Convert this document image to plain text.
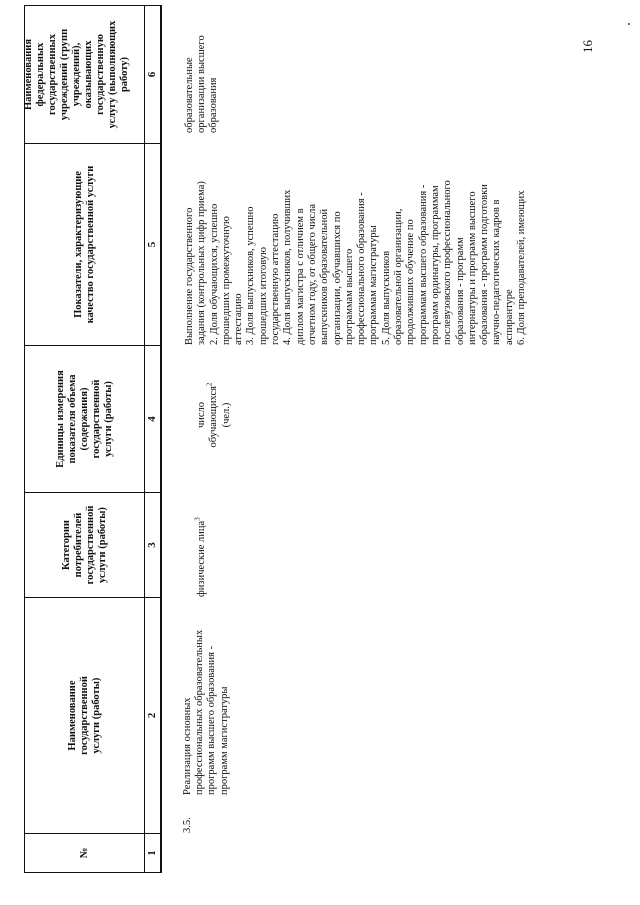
№
Наименование
государственной
услуги (работы)
Категории
потребителей
государственной
услуги (работы)
Единицы измерения
показателя объема
(содержания)
государственной
услуги (работы)
Показатели, характеризующие
качество государственной услуги
Наименования
федеральных
государственных
учреждений (групп
учреждений),
оказывающих
государственную
услугу (выполняющих
работу)
1
2
3
4
5
6
3.5.
Реализация основных
профессиональных образовательных
программ высшего образования -
программ магистратуры

физические лица$^3$

число
обучающихся$^2$

(чел.)

Выполнение государственного
задания (контрольных цифр приема)
2. Доля обучающихся, успешно
прошедших промежуточную
аттестацию
3. Доля выпускников, успешно
прошедших итоговую
государственную аттестацию
4. Доля выпускников, получивших
диплом магистра с отличием в
отчетном году, от общего числа
выпускников образовательной
организации, обучавшихся по
программам высшего
профессионального образования -
программам магистратуры
5. Доля выпускников
образовательной организации,
продолживших обучение по
программам высшего образования -
программ ординатуры, программам
послевузовского профессионального
образования - программ
интернатуры и программ высшего
образования - программ подготовки
научно-педагогических кадров в
аспирантуре
6. Доля преподавателей, имеющих
образовательные
организации высшего
образования
16
